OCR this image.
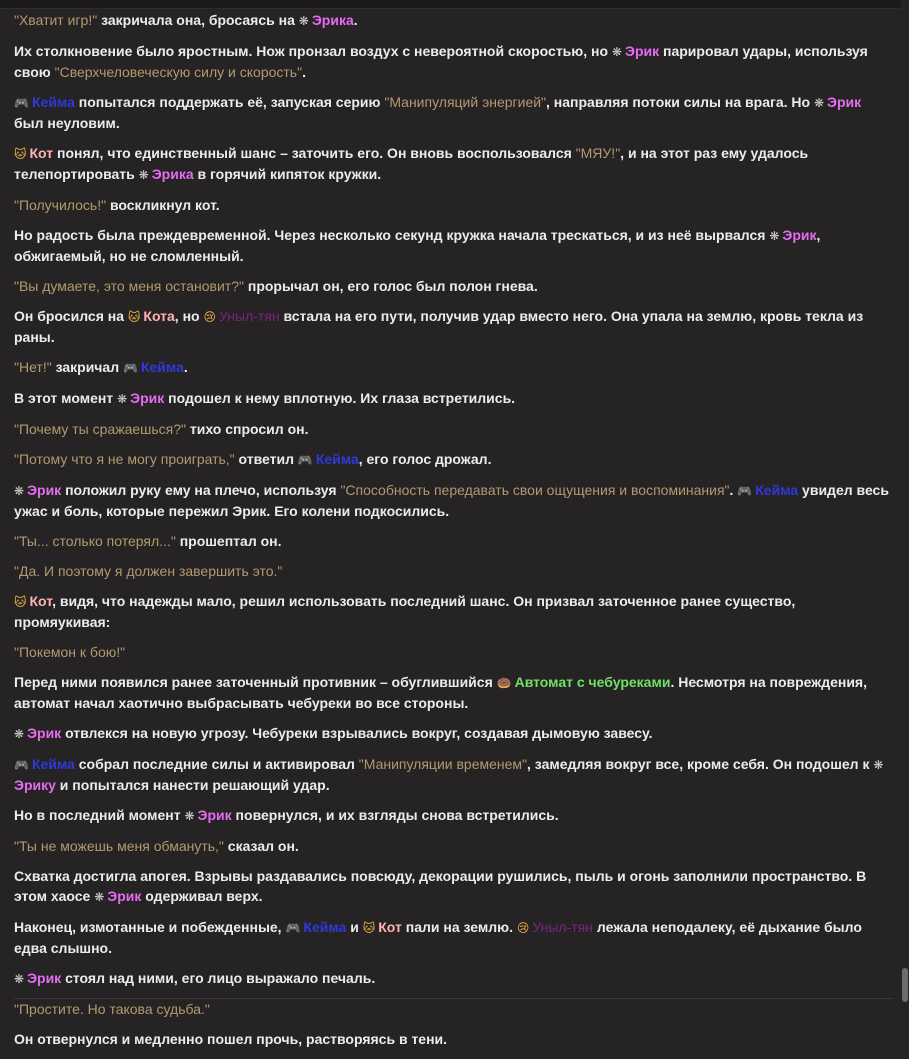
"Хватит игр!" закричала она, бросаясь на ❋ Эрика.

Их столкновение было яростным. Нож пронзал воздух с невероятной скоростью, но ❋ Эрик парировал удары, используя свою "Сверхчеловеческую силу и скорость".

🎮 Кейма попытался поддержать её, запуская серию "Манипуляций энергией", направляя потоки силы на врага. Но ❋ Эрик был неуловим.

🐱 Кот понял, что единственный шанс – заточить его. Он вновь воспользовался "МЯУ!", и на этот раз ему удалось телепортировать ❋ Эрика в горячий кипяток кружки.

"Получилось!" воскликнул кот.

Но радость была преждевременной. Через несколько секунд кружка начала трескаться, и из неё вырвался ❋ Эрик, обжигаемый, но не сломленный.

"Вы думаете, это меня остановит?" прорычал он, его голос был полон гнева.

Он бросился на 🐱 Кота, но 😢 Уныл-тян встала на его пути, получив удар вместо него. Она упала на землю, кровь текла из раны.

"Нет!" закричал 🎮 Кейма.

В этот момент ❋ Эрик подошел к нему вплотную. Их глаза встретились.

"Почему ты сражаешься?" тихо спросил он.

"Потому что я не могу проиграть," ответил 🎮 Кейма, его голос дрожал.

❋ Эрик положил руку ему на плечо, используя "Способность передавать свои ощущения и воспоминания". 🎮 Кейма увидел весь ужас и боль, которые пережил Эрик. Его колени подкосились.

"Ты... столько потерял..." прошептал он.

"Да. И поэтому я должен завершить это."

🐱 Кот, видя, что надежды мало, решил использовать последний шанс. Он призвал заточенное ранее существо, промяукивая:

"Покемон к бою!"

Перед ними появился ранее заточенный противник – обуглившийся 🍩 Автомат с чебуреками. Несмотря на повреждения, автомат начал хаотично выбрасывать чебуреки во все стороны.

❋ Эрик отвлекся на новую угрозу. Чебуреки взрывались вокруг, создавая дымовую завесу.

🎮 Кейма собрал последние силы и активировал "Манипуляции временем", замедляя вокруг все, кроме себя. Он подошел к ❋Эрику и попытался нанести решающий удар.

Но в последний момент ❋ Эрик повернулся, и их взгляды снова встретились.

"Ты не можешь меня обмануть," сказал он.

Схватка достигла апогея. Взрывы раздавались повсюду, декорации рушились, пыль и огонь заполнили пространство. В этом хаосе ❋ Эрик одерживал верх.

Наконец, измотанные и побежденные, 🎮 Кейма и 🐱 Кот пали на землю. 😢 Уныл-тян лежала неподалеку, её дыхание было едва слышно.

❋ Эрик стоял над ними, его лицо выражало печаль.

"Простите. Но такова судьба."

Он отвернулся и медленно пошел прочь, растворяясь в тени.
